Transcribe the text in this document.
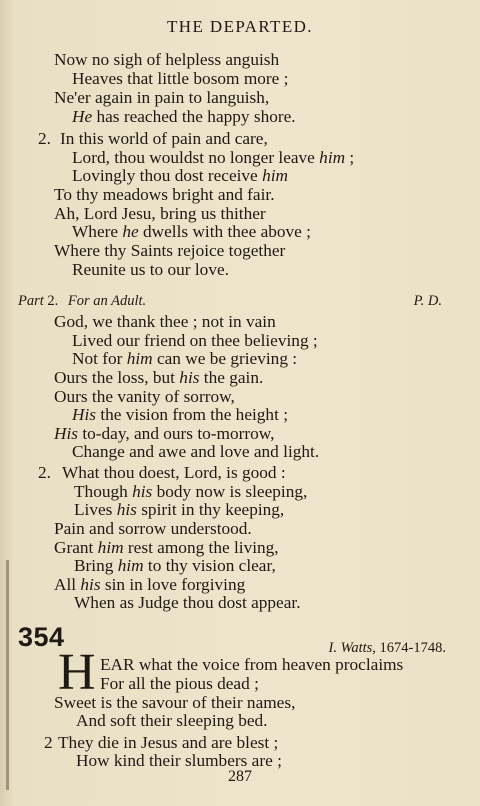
THE DEPARTED.
Part 2. For an Adult.	P. D.
354	I. Watts, 1674-1748.
H EAR what the voice from heaven proclaims
Now no sigh of helpless anguish
Heaves that little bosom more ;
Ne'er again in pain to languish,
He has reached the happy shore.
2. In this world of pain and care,
Lord, thou wouldst no longer leave him ;
Lovingly thou dost receive him
To thy meadows bright and fair.
Ah, Lord Jesu, bring us thither
Where he dwells with thee above ;
Where thy Saints rejoice together
Reunite us to our love.
God, we thank thee ; not in vain
Lived our friend on thee believing ;
Not for him can we be grieving :
Ours the loss, but his the gain.
Ours the vanity of sorrow,
His the vision from the height ;
His to-day, and ours to-morrow,
Change and awe and love and light.
2. What thou doest, Lord, is good :
Though his body now is sleeping,
Lives his spirit in thy keeping,
Pain and sorrow understood.
Grant him rest among the living,
Bring him to thy vision clear,
All his sin in love forgiving
When as Judge thou dost appear.
For all the pious dead ;
Sweet is the savour of their names,
And soft their sleeping bed.
2 They die in Jesus and are blest ;
How kind their slumbers are ;
287
